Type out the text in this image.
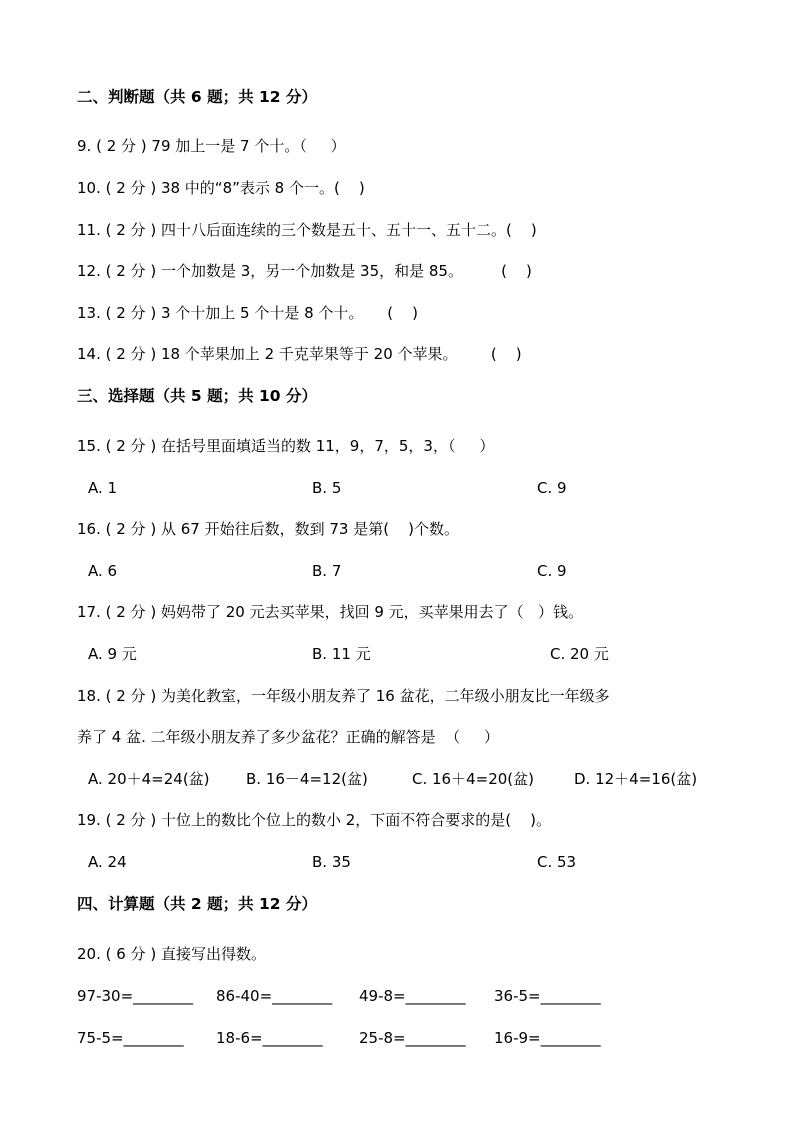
二、判断题（共 6 题；共 12 分）
9. ( 2 分 ) 79 加上一是 7 个十。（     ）
10. ( 2 分 ) 38 中的“8”表示 8 个一。(    )
11. ( 2 分 ) 四十八后面连续的三个数是五十、五十一、五十二。(    )
12. ( 2 分 ) 一个加数是 3，另一个加数是 35，和是 85。        (    )
13. ( 2 分 ) 3 个十加上 5 个十是 8 个十。     (    )
14. ( 2 分 ) 18 个苹果加上 2 千克苹果等于 20 个苹果。       (    )
三、选择题（共 5 题；共 10 分）
15. ( 2 分 ) 在括号里面填适当的数 11，9，7，5，3，（     ）
A. 1	B. 5	C. 9
16. ( 2 分 ) 从 67 开始往后数，数到 73 是第(    )个数。
A. 6	B. 7	C. 9
17. ( 2 分 ) 妈妈带了 20 元去买苹果，找回 9 元，买苹果用去了（   ）钱。
A. 9 元	B. 11 元	C. 20 元
18. ( 2 分 ) 为美化教室，一年级小朋友养了 16 盆花，二年级小朋友比一年级多
养了 4 盆. 二年级小朋友养了多少盆花？正确的解答是  （     ）
A. 20＋4=24(盆) B. 16－4=12(盆)	C. 16＋4=20(盆)	D. 12＋4=16(盆)
19. ( 2 分 ) 十位上的数比个位上的数小 2，下面不符合要求的是(    )。
A. 24	B. 35	C. 53
四、计算题（共 2 题；共 12 分）
20. ( 6 分 ) 直接写出得数。
97-30=________ 86-40=________ 49-8=________ 36-5=________
75-5=________ 18-6=________ 25-8=________ 16-9=________
